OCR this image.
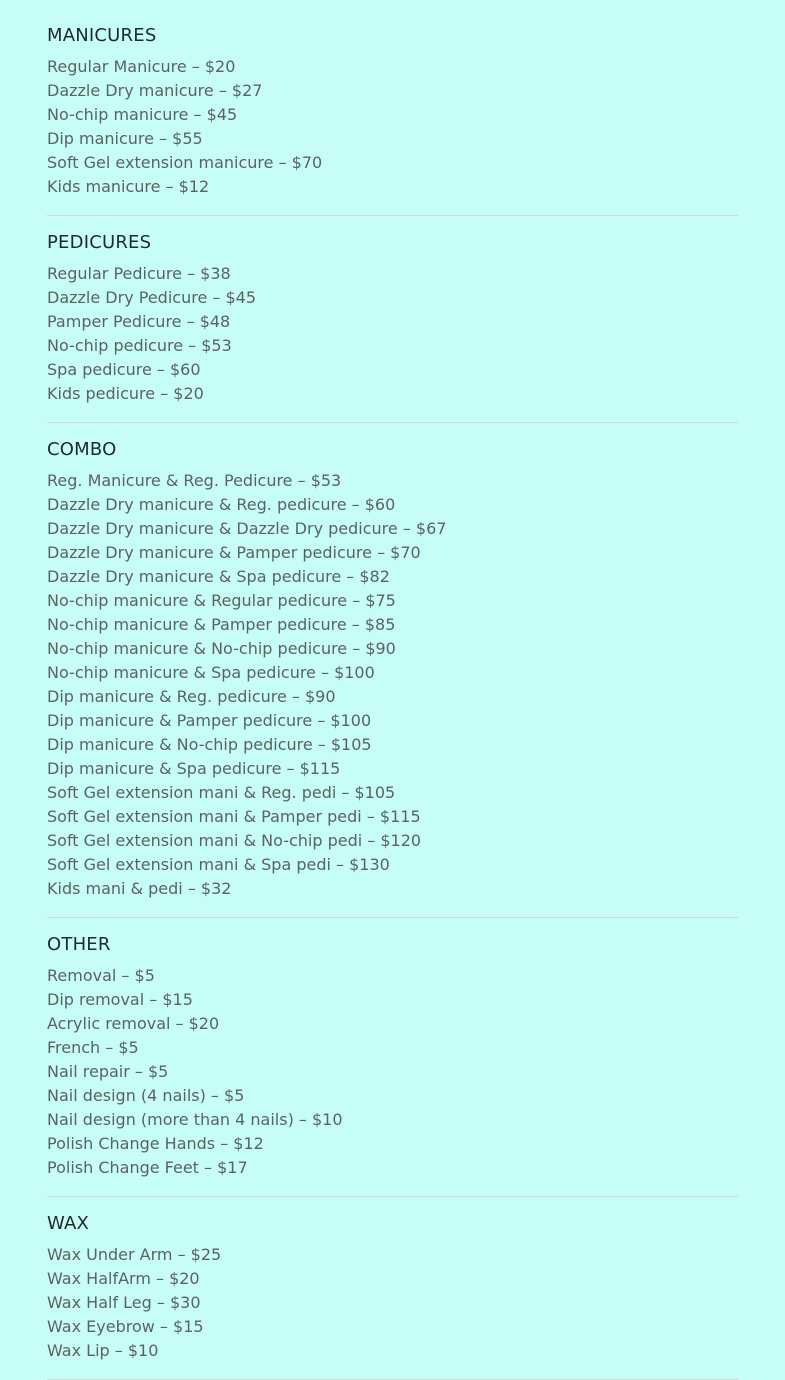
MANICURES
Regular Manicure – $20
Dazzle Dry manicure – $27
No-chip manicure – $45
Dip manicure – $55
Soft Gel extension manicure – $70
Kids manicure – $12
PEDICURES
Regular Pedicure – $38
Dazzle Dry Pedicure – $45
Pamper Pedicure – $48
No-chip pedicure – $53
Spa pedicure – $60
Kids pedicure – $20
COMBO
Reg. Manicure & Reg. Pedicure – $53
Dazzle Dry manicure & Reg. pedicure – $60
Dazzle Dry manicure & Dazzle Dry pedicure – $67
Dazzle Dry manicure & Pamper pedicure – $70
Dazzle Dry manicure & Spa pedicure – $82
No-chip manicure & Regular pedicure – $75
No-chip manicure & Pamper pedicure – $85
No-chip manicure & No-chip pedicure – $90
No-chip manicure & Spa pedicure – $100
Dip manicure & Reg. pedicure – $90
Dip manicure & Pamper pedicure – $100
Dip manicure & No-chip pedicure – $105
Dip manicure & Spa pedicure – $115
Soft Gel extension mani & Reg. pedi – $105
Soft Gel extension mani & Pamper pedi – $115
Soft Gel extension mani & No-chip pedi – $120
Soft Gel extension mani & Spa pedi – $130
Kids mani & pedi – $32
OTHER
Removal – $5
Dip removal – $15
Acrylic removal – $20
French – $5
Nail repair – $5
Nail design (4 nails) – $5
Nail design (more than 4 nails) – $10
Polish Change Hands – $12
Polish Change Feet – $17
WAX
Wax Under Arm – $25
Wax HalfArm – $20
Wax Half Leg – $30
Wax Eyebrow – $15
Wax Lip – $10
